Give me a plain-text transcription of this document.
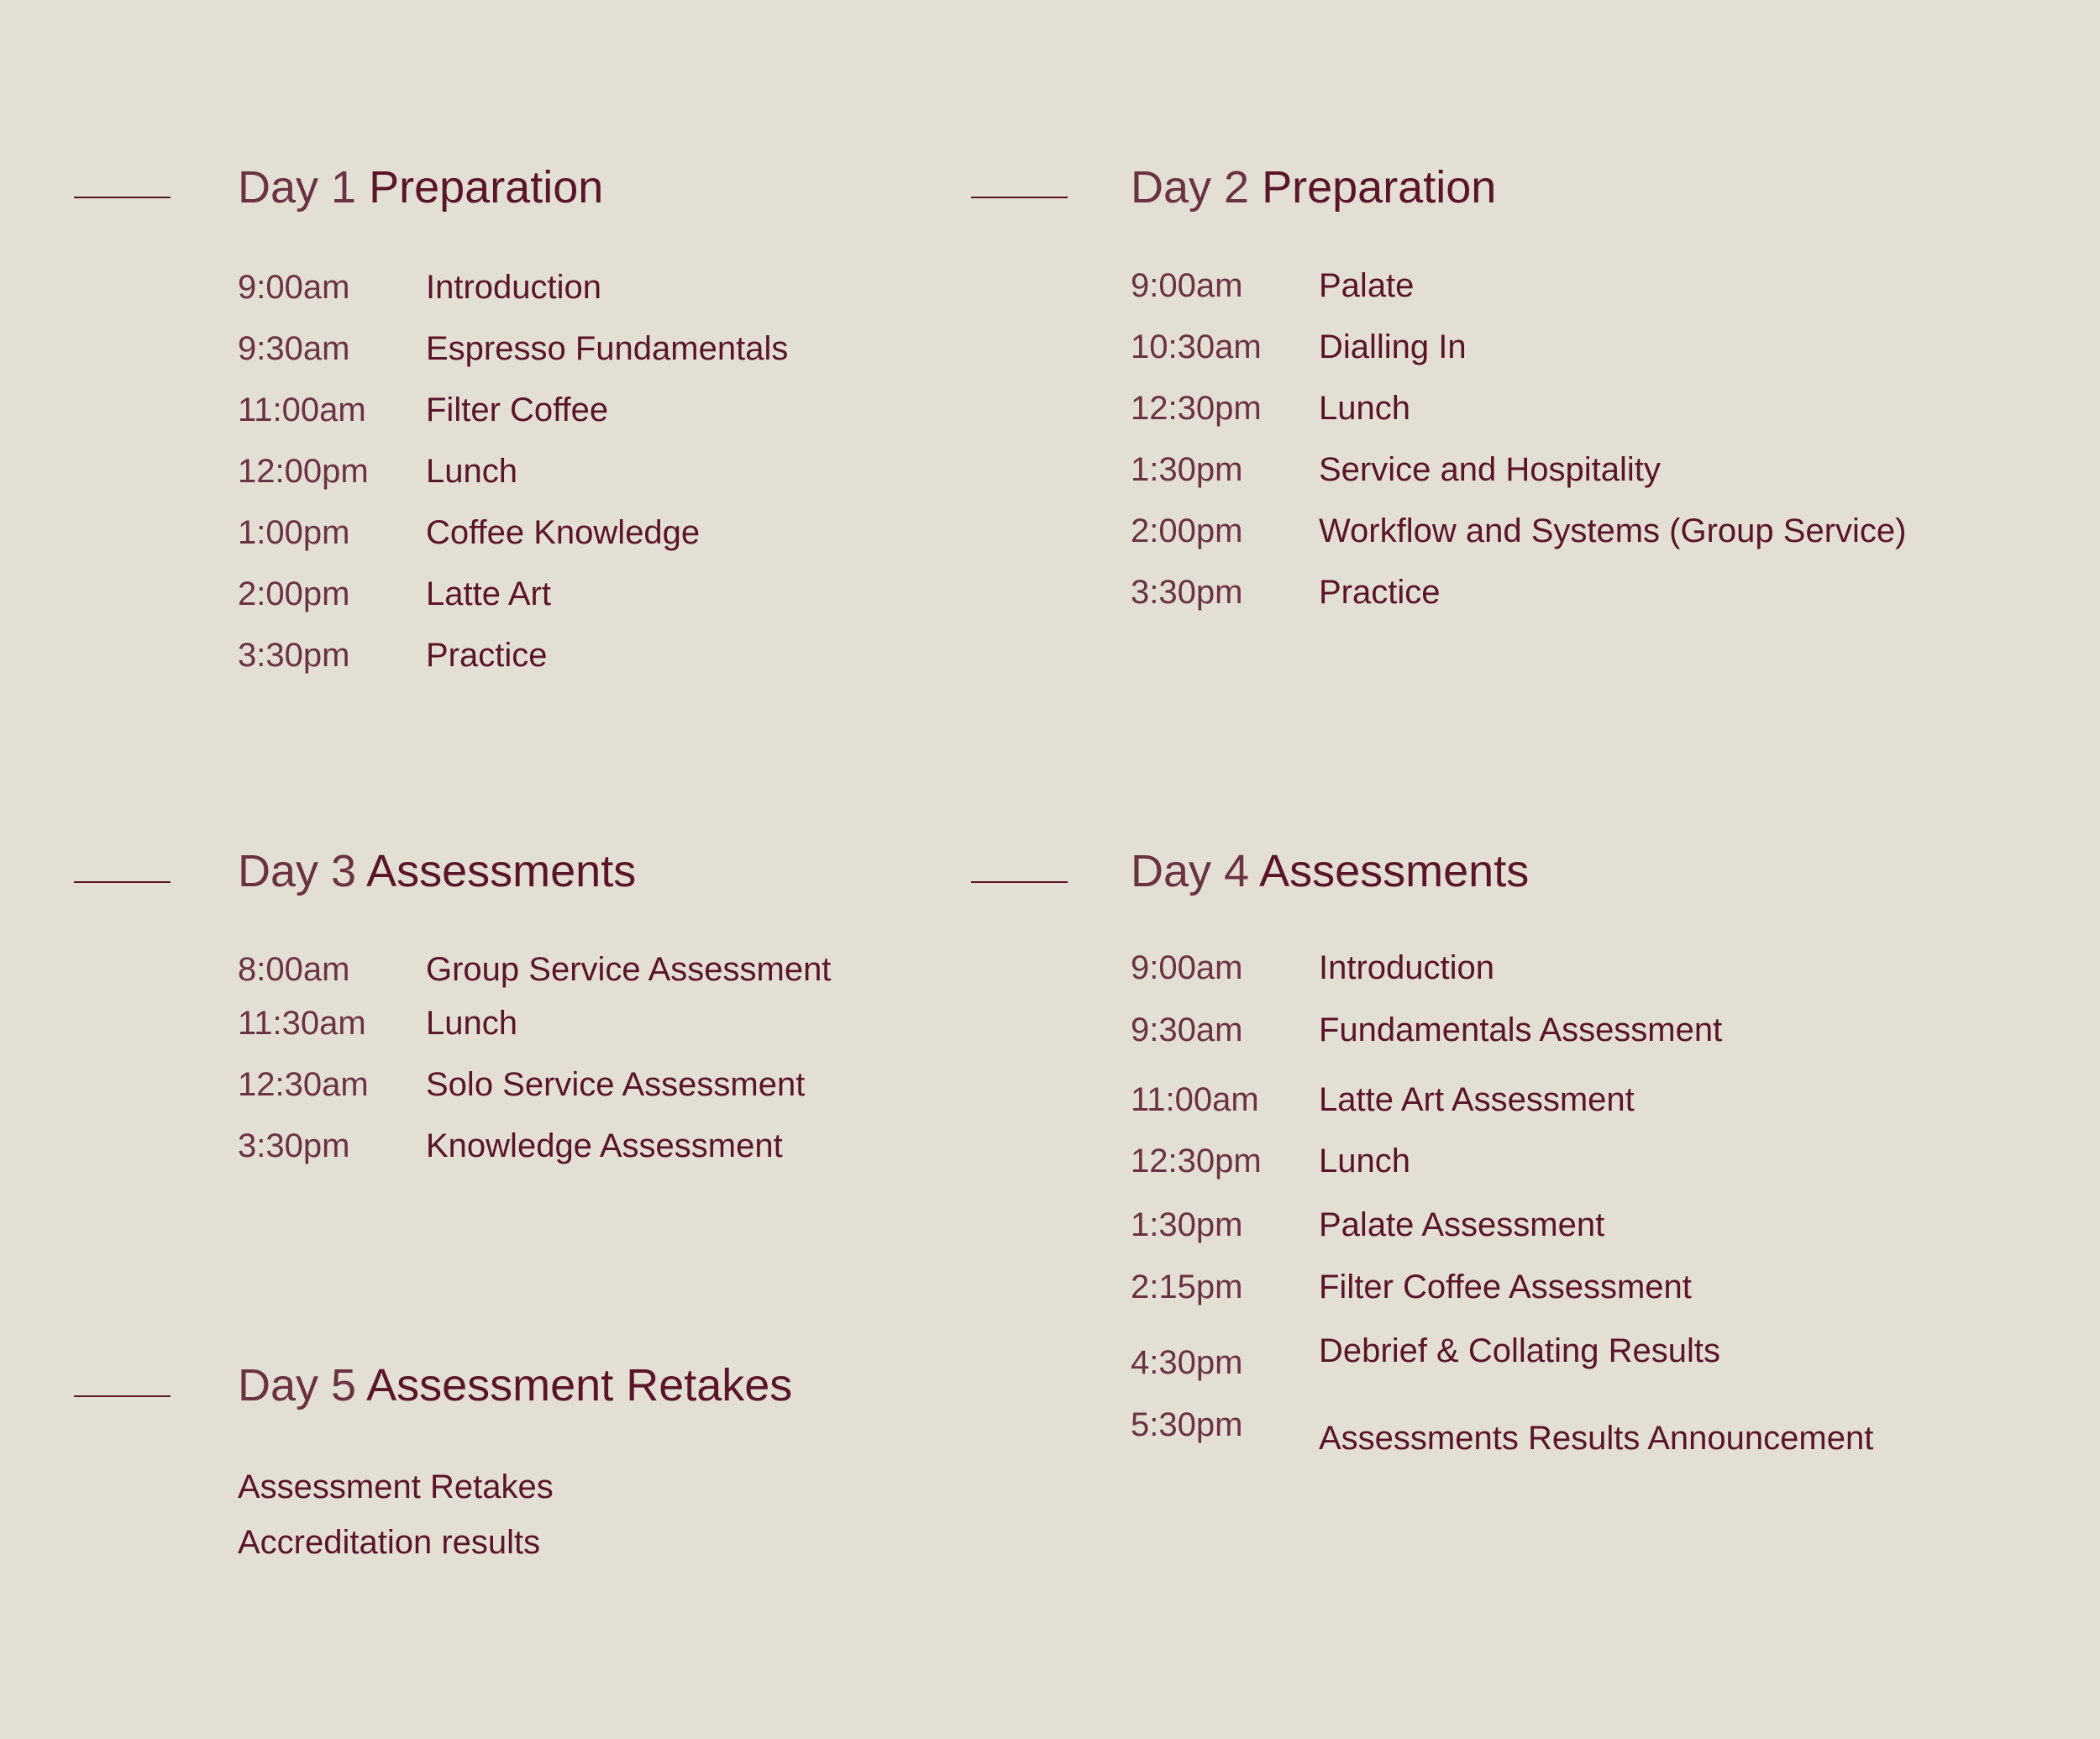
Day 1 Preparation
9:00am Introduction
9:30am Espresso Fundamentals
11:00am Filter Coffee
12:00pm Lunch
1:00pm Coffee Knowledge
2:00pm Latte Art
3:30pm Practice
Day 2 Preparation
9:00am Palate
10:30am Dialling In
12:30pm Lunch
1:30pm Service and Hospitality
2:00pm Workflow and Systems (Group Service)
3:30pm Practice
Day 3 Assessments
8:00am Group Service Assessment
11:30am Lunch
12:30am Solo Service Assessment
3:30pm Knowledge Assessment
Day 4 Assessments
9:00am Introduction
9:30am Fundamentals Assessment
11:00am Latte Art Assessment
12:30pm Lunch
1:30pm Palate Assessment
2:15pm Filter Coffee Assessment
4:30pm Debrief & Collating Results
5:30pm Assessments Results Announcement
Day 5 Assessment Retakes
Assessment Retakes
Accreditation results
